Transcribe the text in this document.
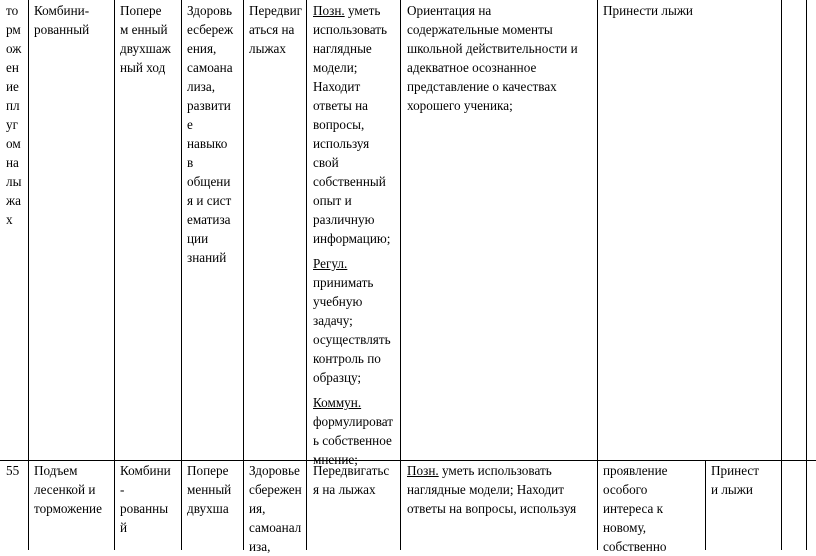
то
рм
ож
ен
ие
пл
уг
ом
на
лы
жа
х
Комбини-
рованный
Попере
м енный
двухшаж
ный ход
Здоровь
есбереж
ения,
самоана
лиза,
развити
е
навыко
в
общени
я и сист
ематиза
ции
знаний
Передвиг
аться на
лыжах
Позн. уметь
использовать
наглядные
модели;
Находит
ответы на
вопросы,
используя
свой
собственный
опыт и
различную
информацию;
Регул.
принимать
учебную
задачу;
осуществлять
контроль по
образцу;
Коммун.
формулироват
ь собственное
мнение;
Ориентация на
содержательные моменты
школьной действительности и
адекватное осознанное
представление о качествах
хорошего ученика;
Принести лыжи
55 Подъем
лесенкой и
торможение
Комбини
-
рованны
й
Попере
менный
двухша
Здоровье
сбережен
ия,
самоанал
иза,
Передвигатьс
я на лыжах
Позн. уметь использовать
наглядные модели; Находит
ответы на вопросы, используя
проявление
особого
интереса к
новому,
собственно
Принест
и лыжи
